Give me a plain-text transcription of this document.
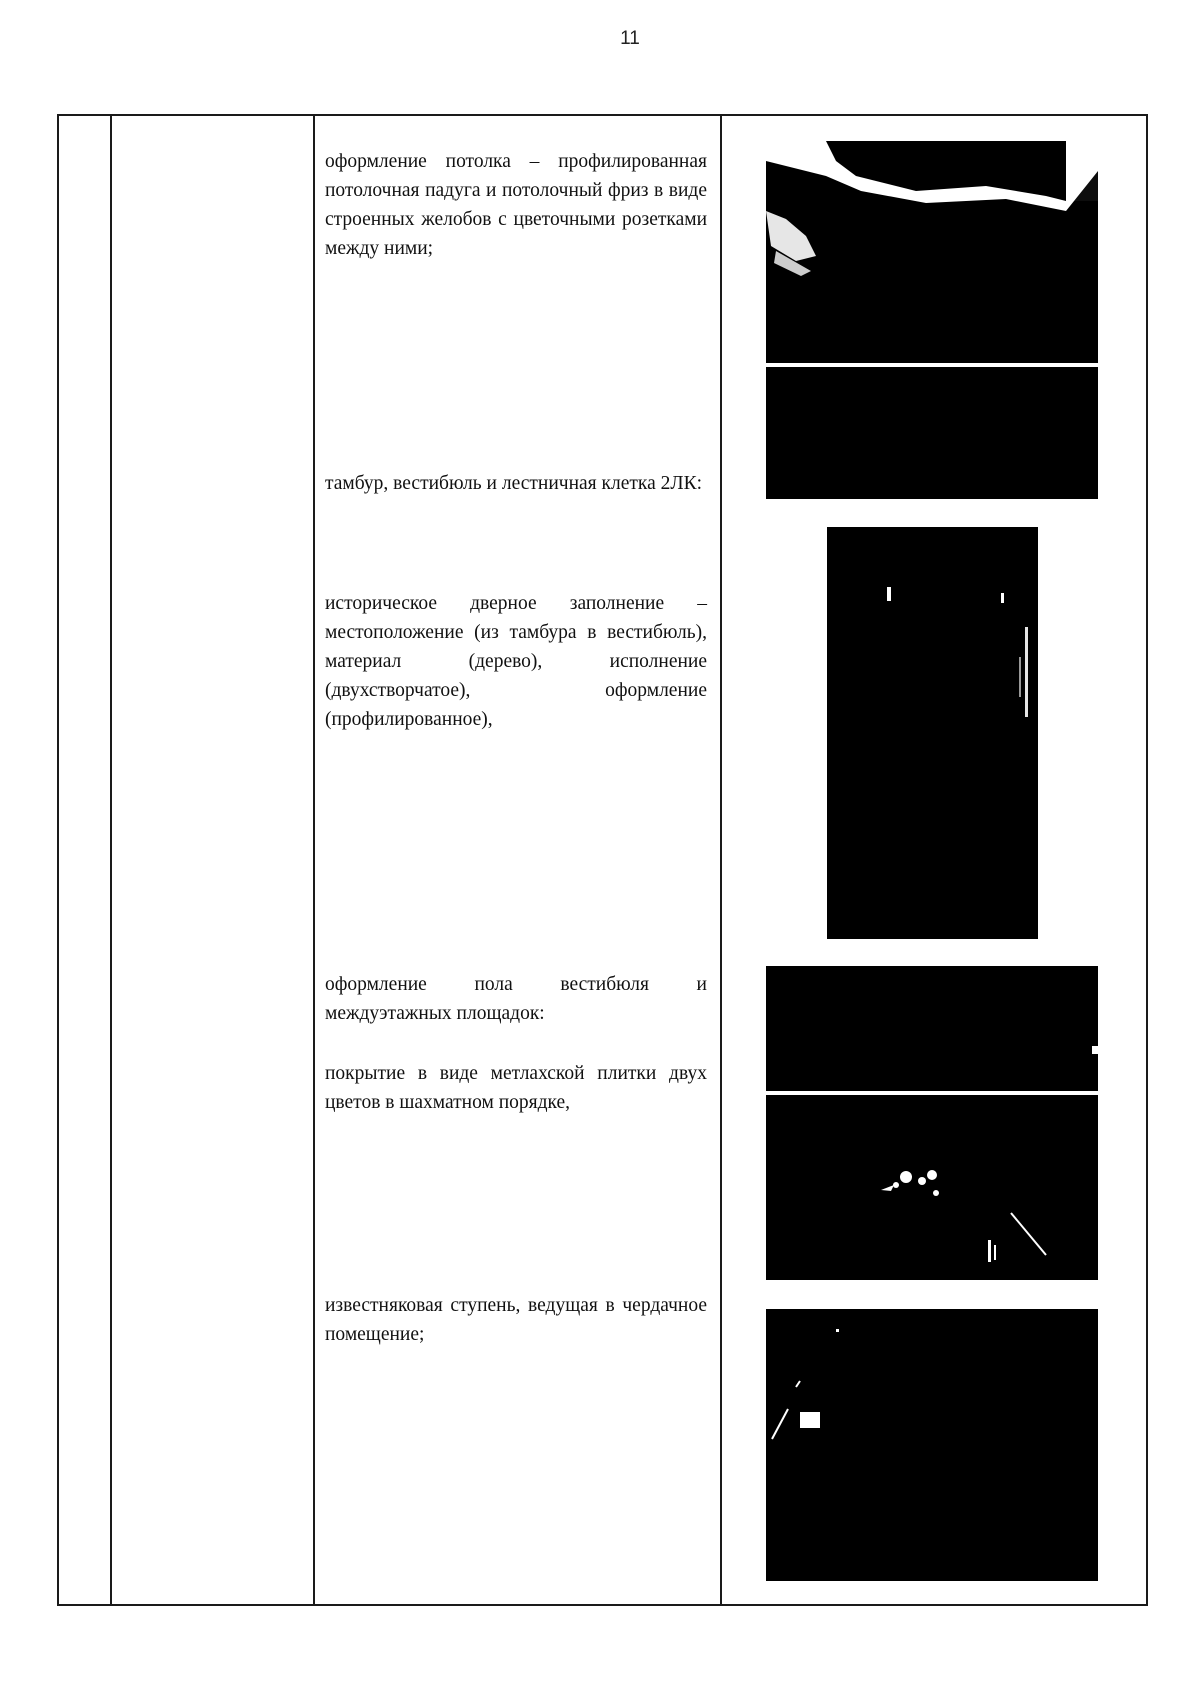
11

оформление потолка – профилированная потолочная падуга и потолочный фриз в виде строенных желобов с цветочными розетками между ними;

тамбур, вестибюль и лестничная клетка 2ЛК:

историческое дверное заполнение – местоположение (из тамбура в вестибюль), материал (дерево), исполнение (двухстворчатое), оформление (профилированное),

оформление пола вестибюля и междуэтажных площадок:

покрытие в виде метлахской плитки двух цветов в шахматном порядке,

известняковая ступень, ведущая в чердачное помещение;
